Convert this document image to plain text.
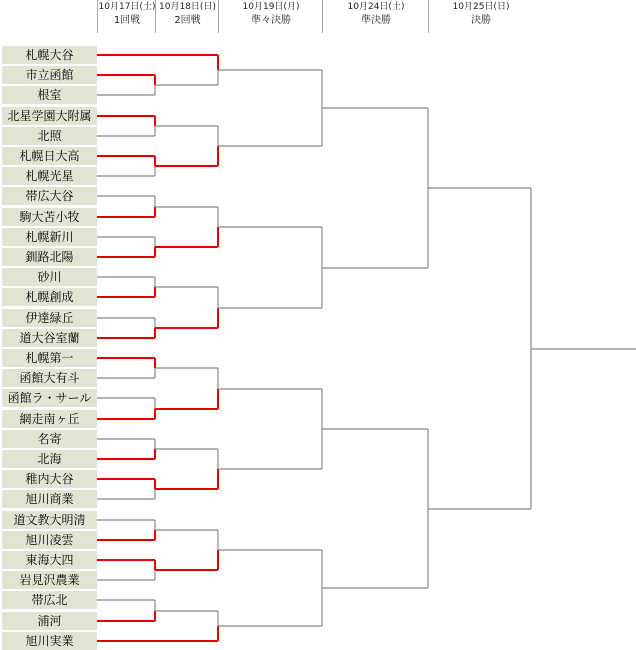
10月17日(土)
1回戦
10月18日(日)
2回戦
10月19日(月)
準々決勝
10月24日(土)
準決勝
10月25日(日)
決勝
札幌大谷
市立函館
根室
北星学園大附属
北照
札幌日大高
札幌光星
帯広大谷
駒大苫小牧
札幌新川
釧路北陽
砂川
札幌創成
伊達緑丘
道大谷室蘭
札幌第一
函館大有斗
函館ラ・サール
網走南ヶ丘
名寄
北海
稚内大谷
旭川商業
道文教大明清
旭川凌雲
東海大四
岩見沢農業
帯広北
浦河
旭川実業
